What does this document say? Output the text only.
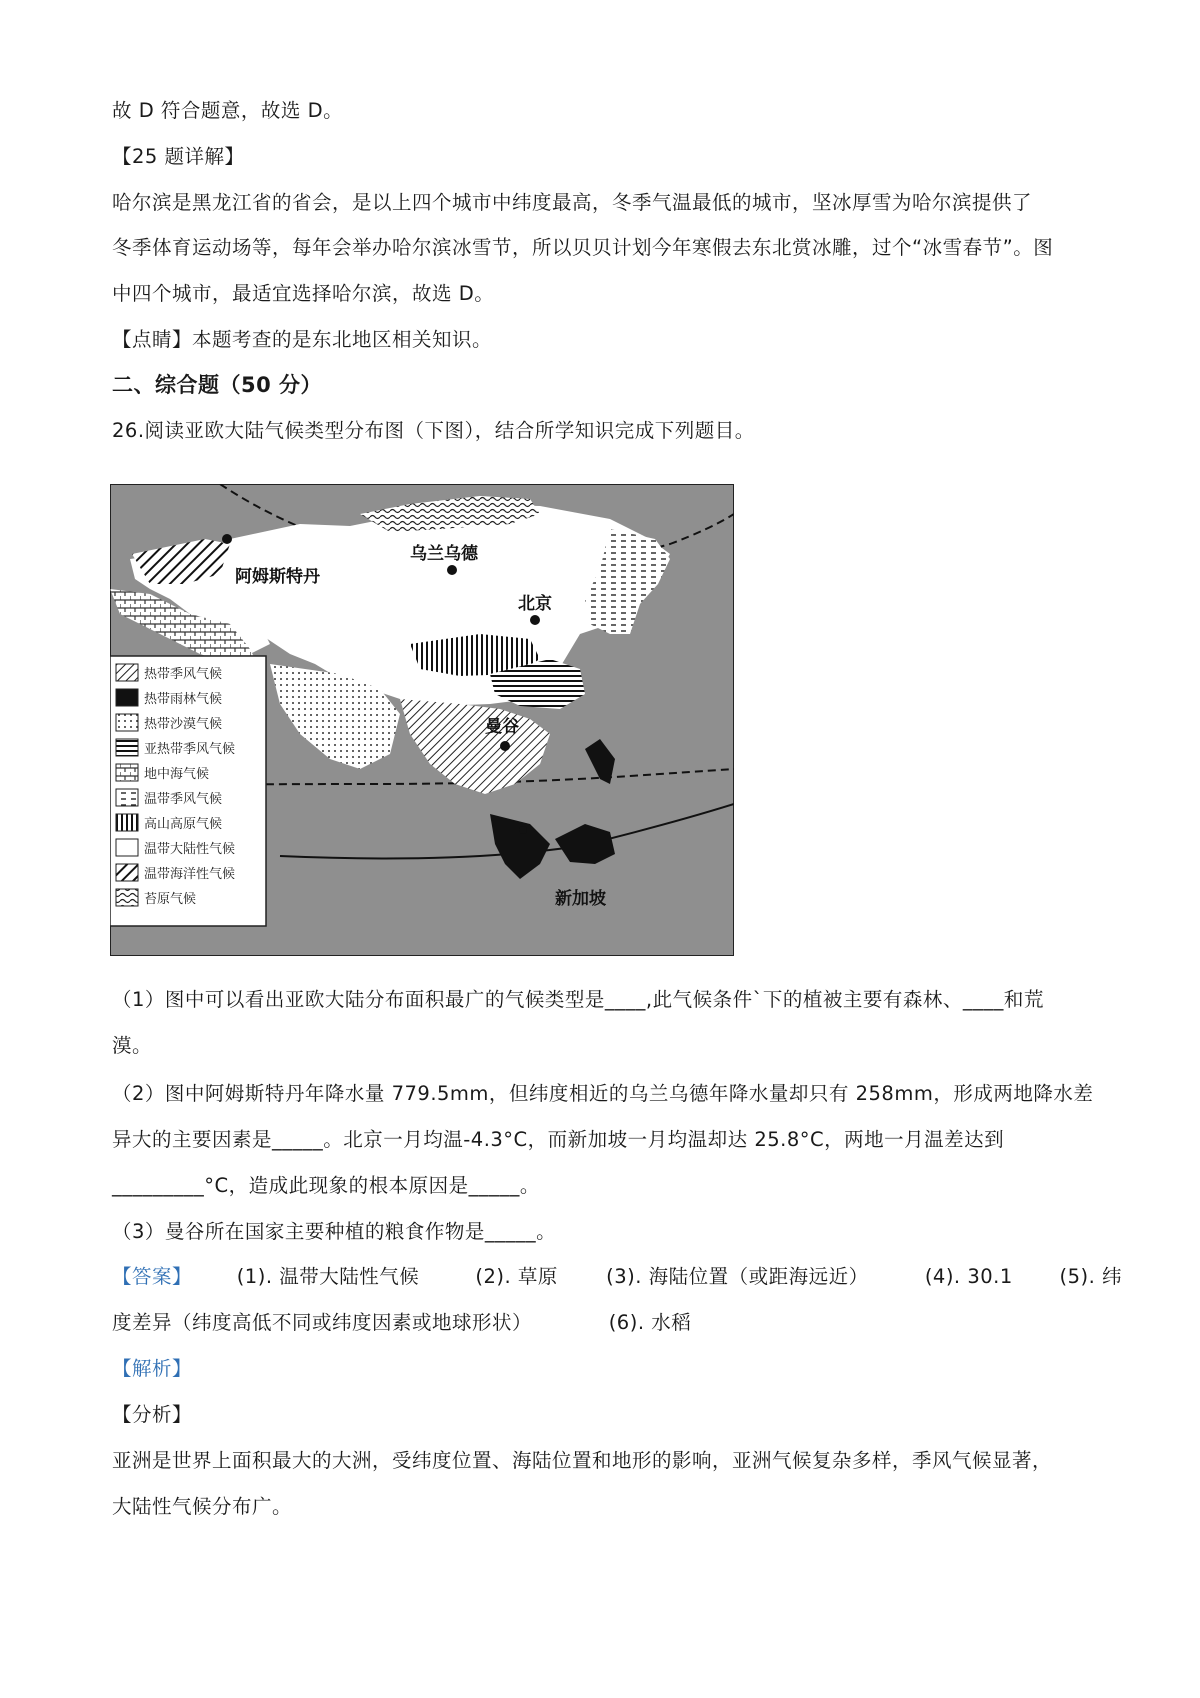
故 D 符合题意，故选 D。
【25 题详解】
哈尔滨是黑龙江省的省会，是以上四个城市中纬度最高，冬季气温最低的城市，坚冰厚雪为哈尔滨提供了
冬季体育运动场等，每年会举办哈尔滨冰雪节，所以贝贝计划今年寒假去东北赏冰雕，过个“冰雪春节”。图
中四个城市，最适宜选择哈尔滨，故选 D。
【点睛】本题考查的是东北地区相关知识。
二、综合题（50 分）
26.阅读亚欧大陆气候类型分布图（下图），结合所学知识完成下列题目。
阿姆斯特丹
乌兰乌德
北京
曼谷
新加坡
热带季风气候
热带雨林气候
热带沙漠气候
亚热带季风气候
地中海气候
温带季风气候
高山高原气候
温带大陆性气候
温带海洋性气候
苔原气候
（1）图中可以看出亚欧大陆分布面积最广的气候类型是____,此气候条件`下的植被主要有森林、____和荒
漠。
（2）图中阿姆斯特丹年降水量 779.5mm，但纬度相近的乌兰乌德年降水量却只有 258mm，形成两地降水差
异大的主要因素是_____。北京一月均温-4.3°C，而新加坡一月均温却达 25.8°C，两地一月温差达到
_________°C，造成此现象的根本原因是_____。
（3）曼谷所在国家主要种植的粮食作物是_____。
【答案】 (1). 温带大陆性气候	(2). 草原 (3). 海陆位置（或距海远近）	(4). 30.1 (5). 纬
度差异（纬度高低不同或纬度因素或地球形状）	(6). 水稻
【解析】
【分析】
亚洲是世界上面积最大的大洲，受纬度位置、海陆位置和地形的影响，亚洲气候复杂多样，季风气候显著，
大陆性气候分布广。
